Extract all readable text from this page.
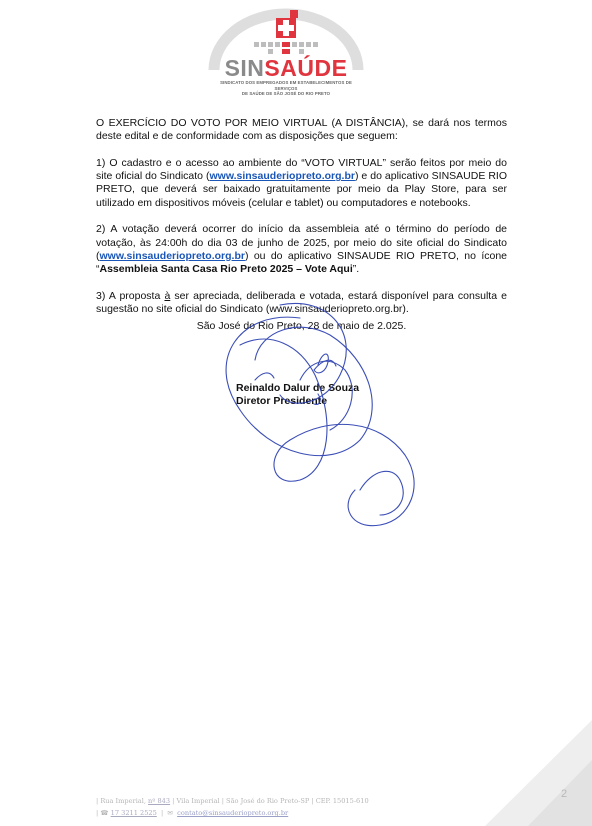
SINSAÚDE
SINDICATO DOS EMPREGADOS EM ESTABELECIMENTOS DE SERVIÇOS
DE SAÚDE DE SÃO JOSÉ DO RIO PRETO

O EXERCÍCIO DO VOTO POR MEIO VIRTUAL (A DISTÂNCIA), se dará nos termos deste edital e de conformidade com as disposições que seguem:

1) O cadastro e o acesso ao ambiente do “VOTO VIRTUAL” serão feitos por meio do site oficial do Sindicato (www.sinsauderiopreto.org.br) e do aplicativo SINSAUDE RIO PRETO, que deverá ser baixado gratuitamente por meio da Play Store, para ser utilizado em dispositivos móveis (celular e tablet) ou computadores e notebooks.

2) A votação deverá ocorrer do início da assembleia até o término do período de votação, às 24:00h do dia 03 de junho de 2025, por meio do site oficial do Sindicato (www.sinsauderiopreto.org.br) ou do aplicativo SINSAUDE RIO PRETO, no ícone “Assembleia Santa Casa Rio Preto 2025 – Vote Aqui”.

3) A proposta à ser apreciada, deliberada e votada, estará disponível para consulta e sugestão no site oficial do Sindicato (www.sinsauderiopreto.org.br).

São José do Rio Preto, 28 de maio de 2.025.
Reinaldo Dalur de Souza
Diretor Presidente
| Rua Imperial, nº 843 | Vila Imperial | São José do Rio Preto-SP | CEP. 15015-610
| ☎ 17 3211 2525  |  ✉ contato@sinsauderiopreto.org.br
2
